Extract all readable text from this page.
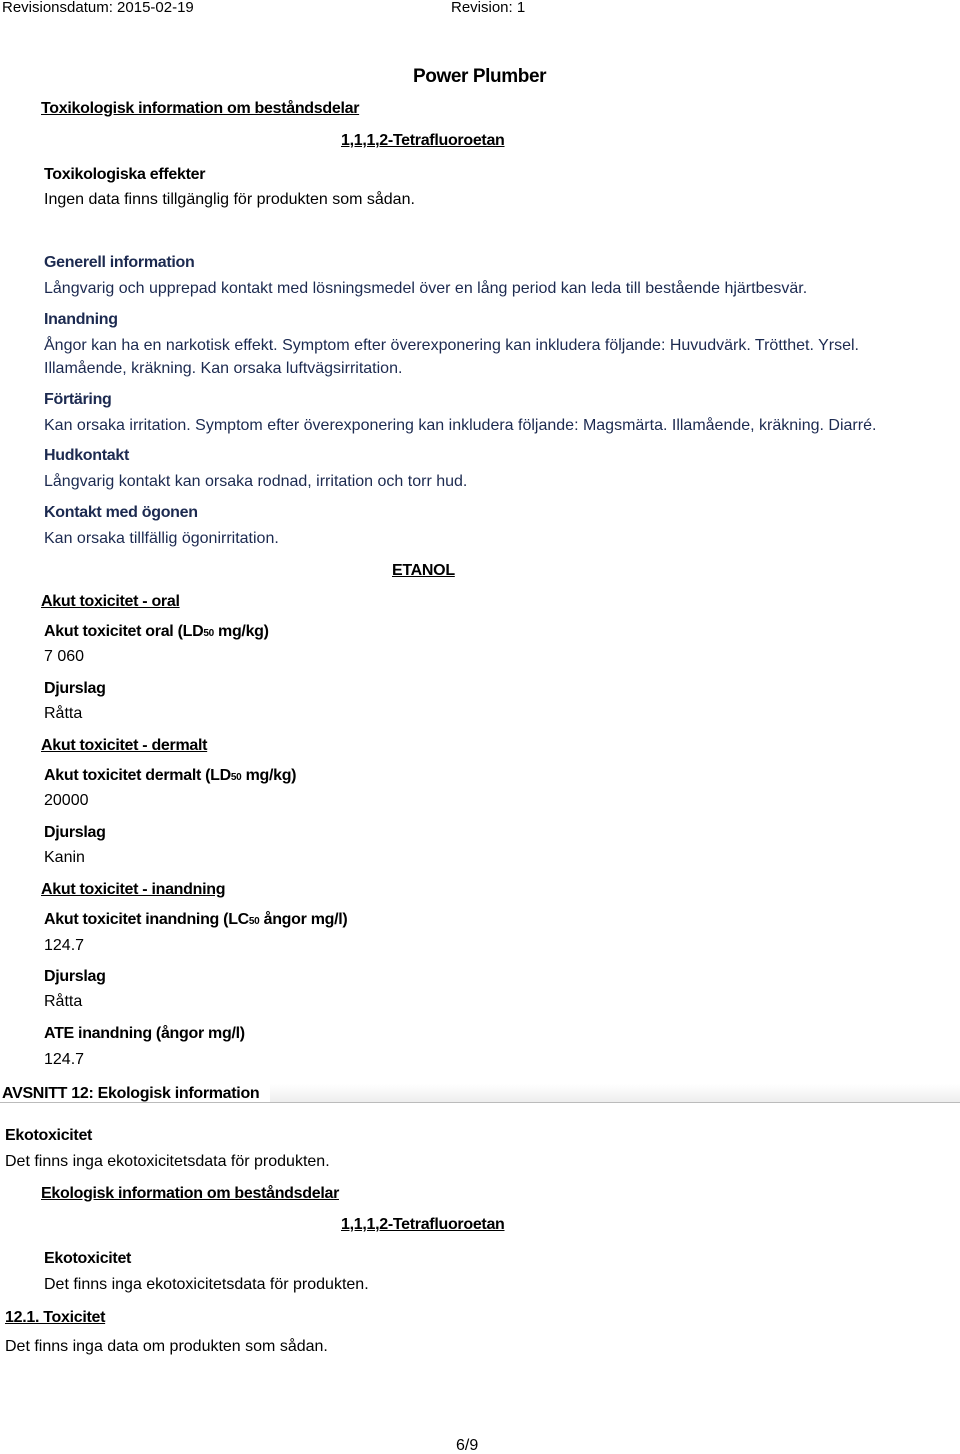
Revisionsdatum: 2015-02-19	Revision: 1
Power Plumber
Toxikologisk information om beståndsdelar
1,1,1,2-Tetrafluoroetan
Toxikologiska effekter
Ingen data finns tillgänglig för produkten som sådan.
Generell information
Långvarig och upprepad kontakt med lösningsmedel över en lång period kan leda till bestående hjärtbesvär.
Inandning
Ångor kan ha en narkotisk effekt. Symptom efter överexponering kan inkludera följande: Huvudvärk. Trötthet. Yrsel.
Illamående, kräkning. Kan orsaka luftvägsirritation.
Förtäring
Kan orsaka irritation. Symptom efter överexponering kan inkludera följande: Magsmärta. Illamående, kräkning. Diarré.
Hudkontakt
Långvarig kontakt kan orsaka rodnad, irritation och torr hud.
Kontakt med ögonen
Kan orsaka tillfällig ögonirritation.
ETANOL
Akut toxicitet - oral
Akut toxicitet oral (LD50 mg/kg)
7 060
Djurslag
Råtta
Akut toxicitet - dermalt
Akut toxicitet dermalt (LD50 mg/kg)
20000
Djurslag
Kanin
Akut toxicitet - inandning
Akut toxicitet inandning (LC50 ångor mg/l)
124.7
Djurslag
Råtta
ATE inandning (ångor mg/l)
124.7
AVSNITT 12: Ekologisk information
Ekotoxicitet
Det finns inga ekotoxicitetsdata för produkten.
Ekologisk information om beståndsdelar
1,1,1,2-Tetrafluoroetan
Ekotoxicitet
Det finns inga ekotoxicitetsdata för produkten.
12.1. Toxicitet
Det finns inga data om produkten som sådan.
6/9
